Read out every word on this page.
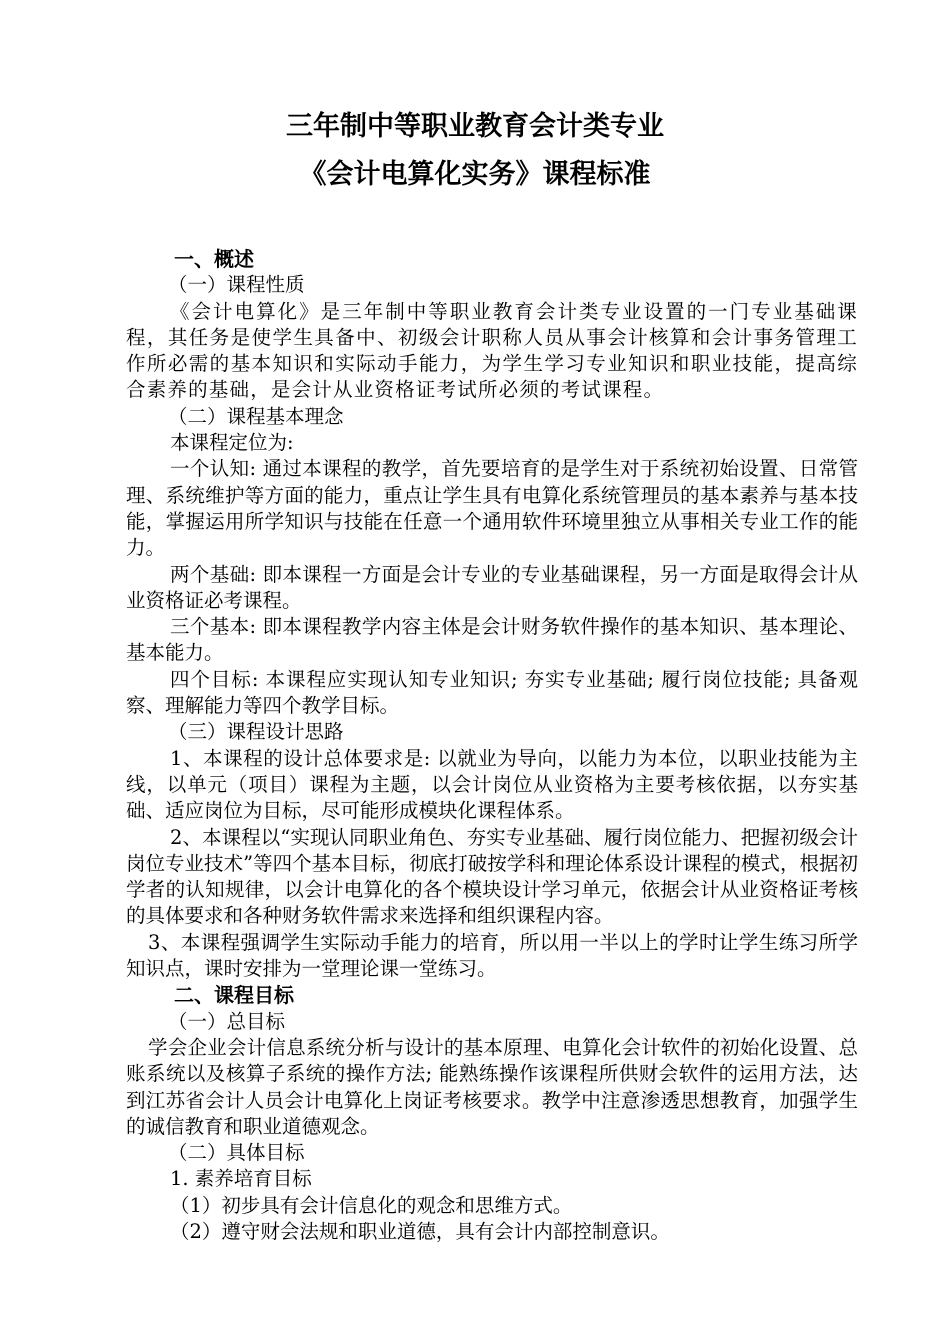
三年制中等职业教育会计类专业
《会计电算化实务》课程标准

一、概述

（一）课程性质

《会计电算化》是三年制中等职业教育会计类专业设置的一门专业基础课程，其任务是使学生具备中、初级会计职称人员从事会计核算和会计事务管理工作所必需的基本知识和实际动手能力，为学生学习专业知识和职业技能，提高综合素养的基础，是会计从业资格证考试所必须的考试课程。

（二）课程基本理念

本课程定位为:

一个认知: 通过本课程的教学，首先要培育的是学生对于系统初始设置、日常管理、系统维护等方面的能力，重点让学生具有电算化系统管理员的基本素养与基本技能，掌握运用所学知识与技能在任意一个通用软件环境里独立从事相关专业工作的能力。

两个基础: 即本课程一方面是会计专业的专业基础课程，另一方面是取得会计从业资格证必考课程。

三个基本: 即本课程教学内容主体是会计财务软件操作的基本知识、基本理论、基本能力。

四个目标: 本课程应实现认知专业知识; 夯实专业基础; 履行岗位技能; 具备观察、理解能力等四个教学目标。

（三）课程设计思路

1、本课程的设计总体要求是: 以就业为导向，以能力为本位，以职业技能为主线，以单元（项目）课程为主题，以会计岗位从业资格为主要考核依据，以夯实基础、适应岗位为目标，尽可能形成模块化课程体系。

2、本课程以“实现认同职业角色、夯实专业基础、履行岗位能力、把握初级会计岗位专业技术”等四个基本目标，彻底打破按学科和理论体系设计课程的模式，根据初学者的认知规律，以会计电算化的各个模块设计学习单元，依据会计从业资格证考核的具体要求和各种财务软件需求来选择和组织课程内容。

3、本课程强调学生实际动手能力的培育，所以用一半以上的学时让学生练习所学知识点，课时安排为一堂理论课一堂练习。

二、课程目标

（一）总目标

学会企业会计信息系统分析与设计的基本原理、电算化会计软件的初始化设置、总账系统以及核算子系统的操作方法; 能熟练操作该课程所供财会软件的运用方法，达到江苏省会计人员会计电算化上岗证考核要求。教学中注意渗透思想教育，加强学生的诚信教育和职业道德观念。

（二）具体目标

1. 素养培育目标

（1）初步具有会计信息化的观念和思维方式。

（2）遵守财会法规和职业道德，具有会计内部控制意识。
